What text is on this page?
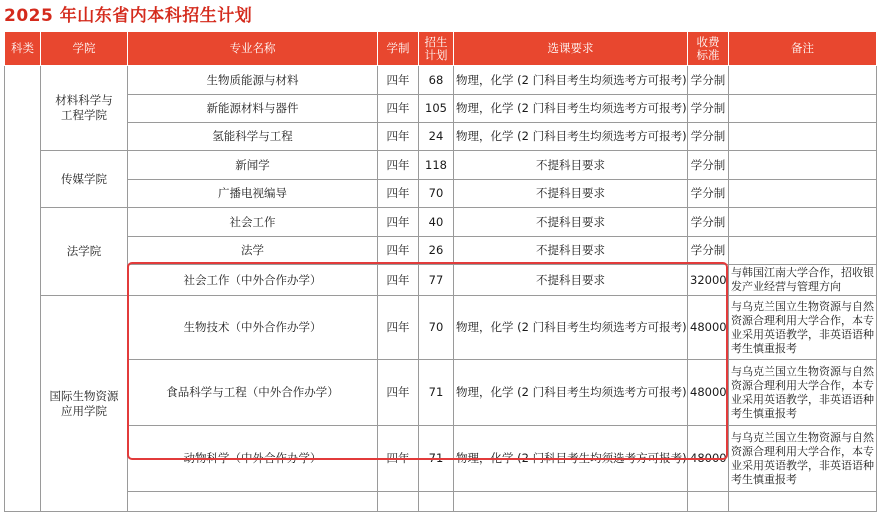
2025 年山东省内本科招生计划
科类	学院	专业名称	学制	招生
计划	选课要求	收费
标准	备注

	材料科学与
工程学院	生物质能源与材料	四年	68	物理，化学 (2 门科目考生均须选考方可报考)	学分制	
		新能源材料与器件	四年	105	物理，化学 (2 门科目考生均须选考方可报考)	学分制	
		氢能科学与工程	四年	24	物理，化学 (2 门科目考生均须选考方可报考)	学分制	
	传媒学院	新闻学	四年	118	不提科目要求	学分制	
		广播电视编导	四年	70	不提科目要求	学分制	
	法学院	社会工作	四年	40	不提科目要求	学分制	
		法学	四年	26	不提科目要求	学分制	
		社会工作（中外合作办学）	四年	77	不提科目要求	32000	与韩国江南大学合作，招收银发产业经营与管理方向

	国际生物资源
应用学院	生物技术（中外合作办学）	四年	70	物理，化学 (2 门科目考生均须选考方可报考)	48000	与乌克兰国立生物资源与自然资源合理利用大学合作，本专业采用英语教学，非英语语种考生慎重报考
		食品科学与工程（中外合作办学）	四年	71	物理，化学 (2 门科目考生均须选考方可报考)	48000	与乌克兰国立生物资源与自然资源合理利用大学合作，本专业采用英语教学，非英语语种考生慎重报考
		动物科学（中外合作办学）	四年	71	物理，化学 (2 门科目考生均须选考方可报考)	48000	与乌克兰国立生物资源与自然资源合理利用大学合作，本专业采用英语教学，非英语语种考生慎重报考
